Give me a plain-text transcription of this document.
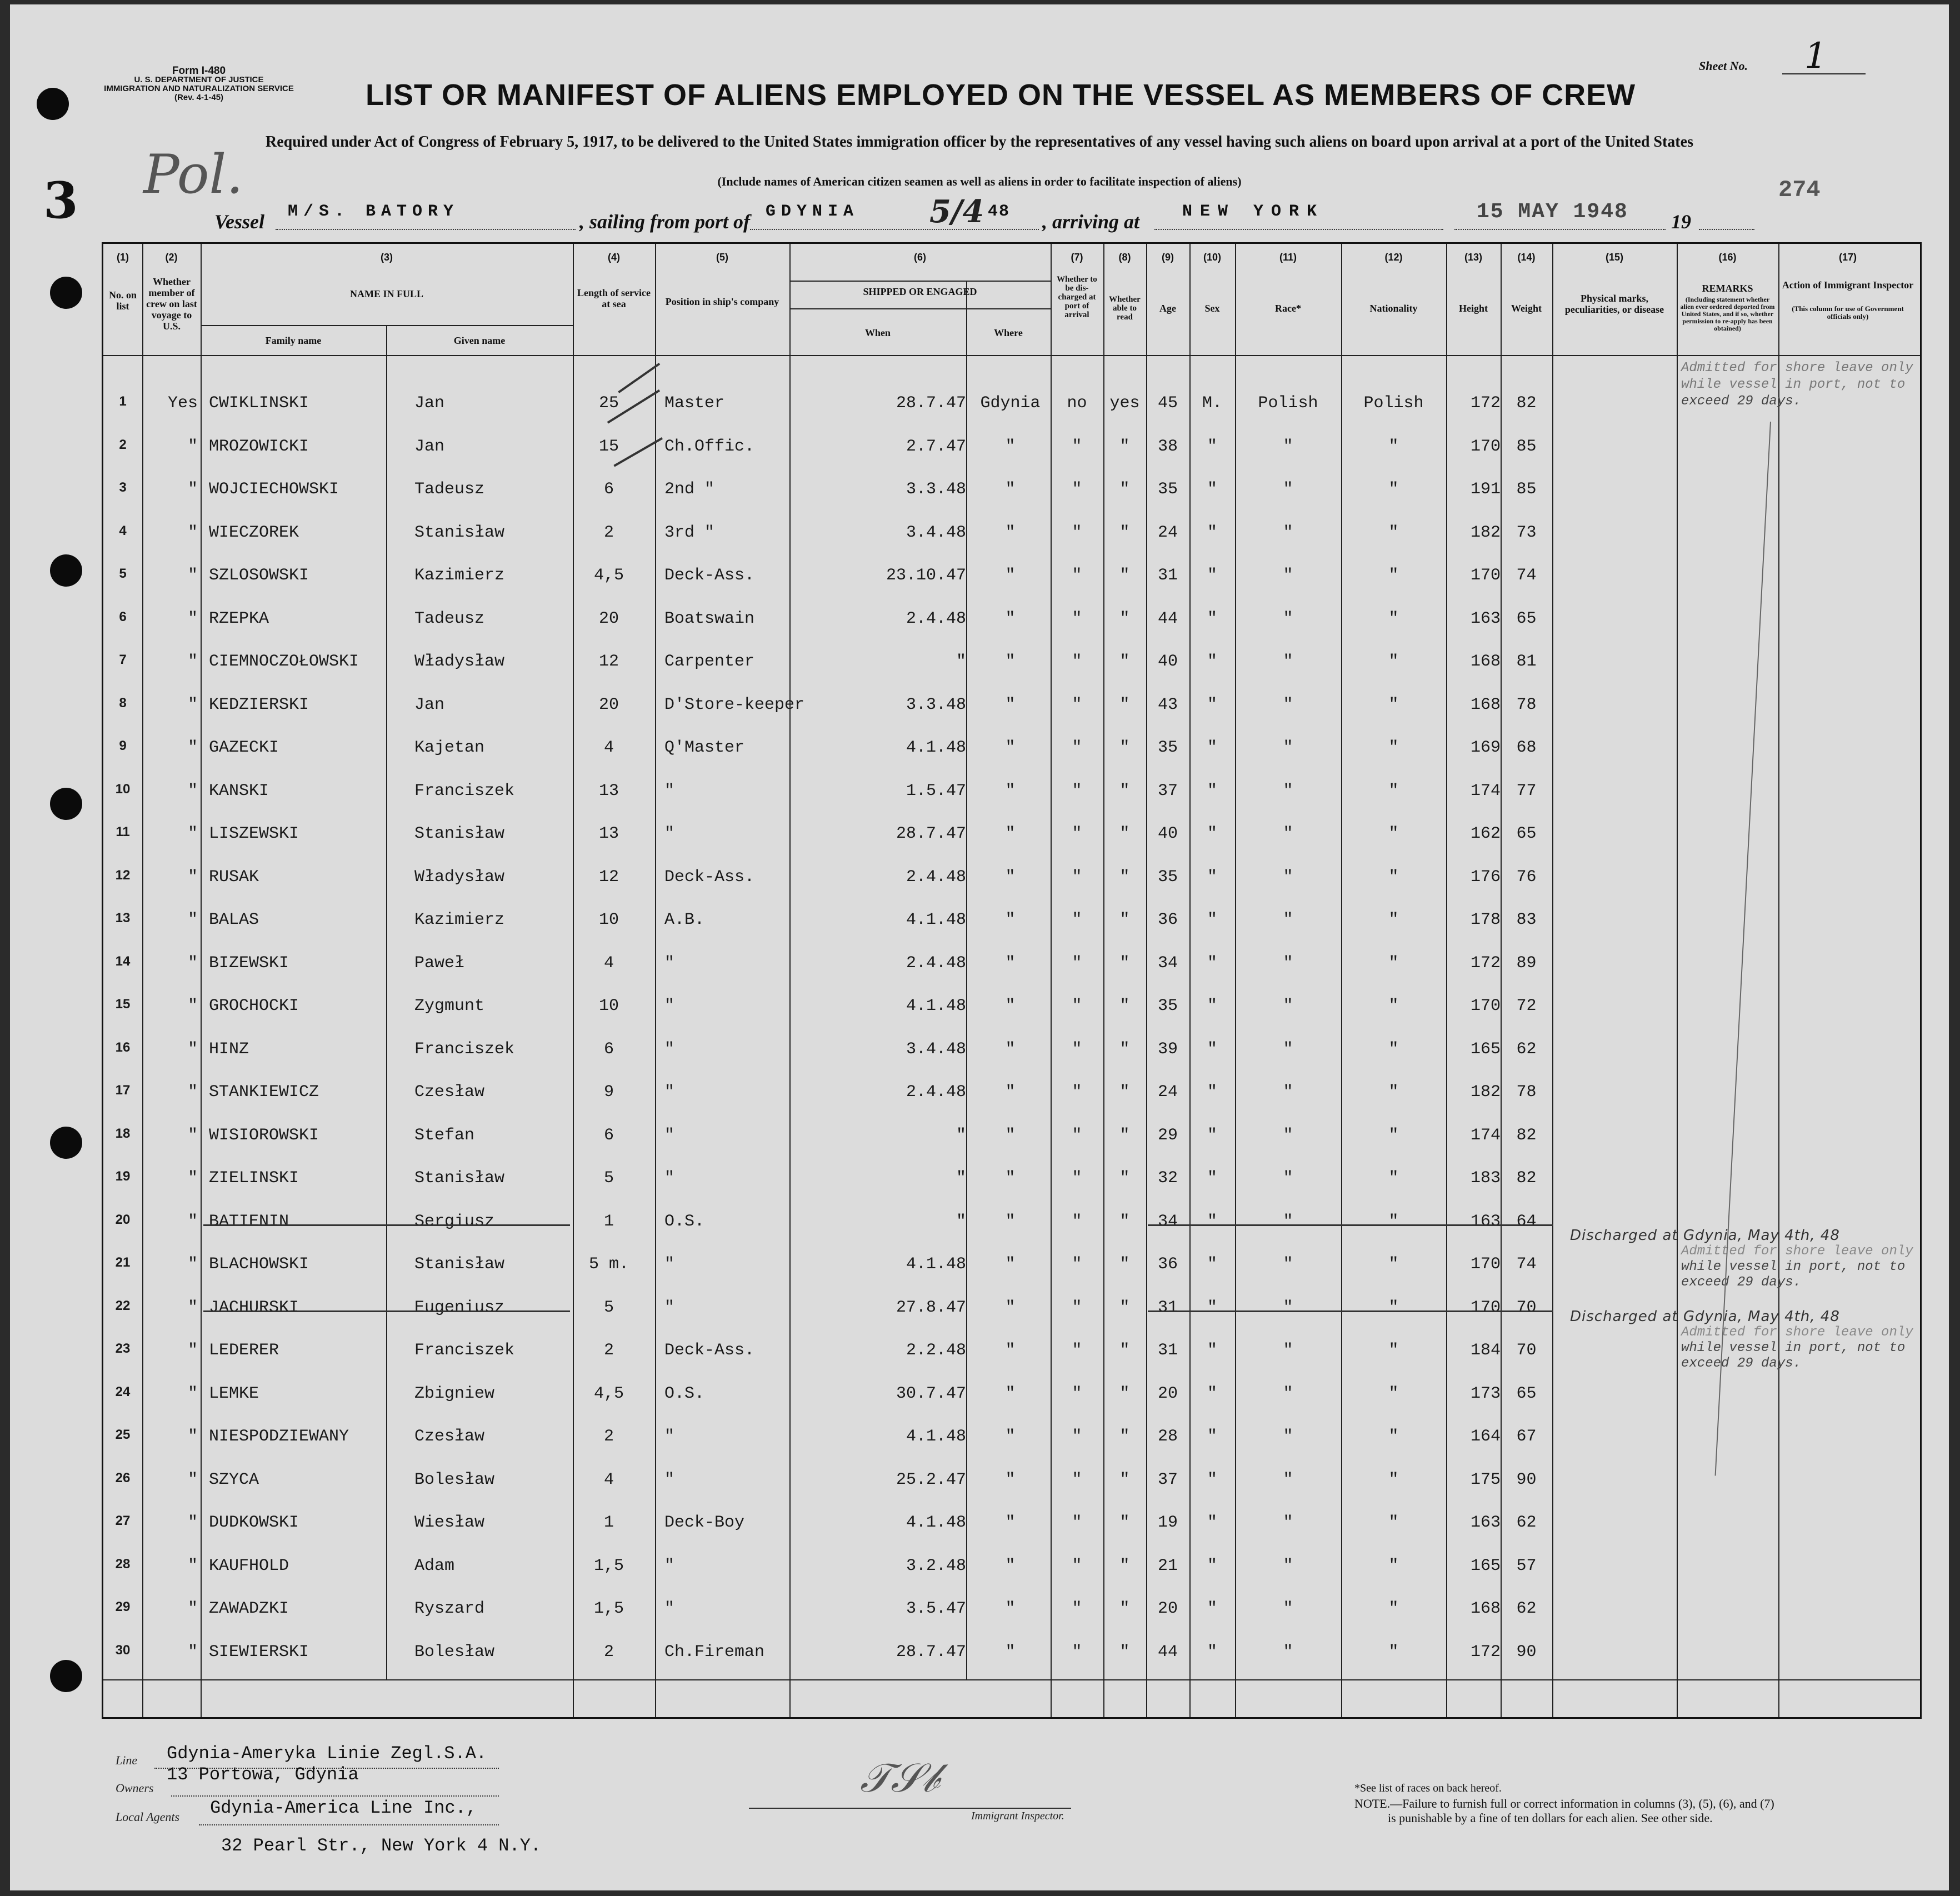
Form I-480
U. S. DEPARTMENT OF JUSTICE
IMMIGRATION AND NATURALIZATION SERVICE
(Rev. 4-1-45)
Sheet No. 1
3 Pol.	274
LIST OR MANIFEST OF ALIENS EMPLOYED ON THE VESSEL AS MEMBERS OF CREW
Required under Act of Congress of February 5, 1917, to be delivered to the United States immigration officer by the representatives of any vessel having such aliens on board upon arrival at a port of the United States
(Include names of American citizen seamen as well as aliens in order to facilitate inspection of aliens)
Vessel M/S. BATORY	, sailing from port of GDYNIA 5/4 48 , arriving at	NEW YORK	15 MAY 1948 19
(1)	(2)	(3)	(4)	(5)	(6)	(7)	(8)	(9)	(10)	(11)	(12)	(13)	(14)	(15)	(16)	(17)
No. on list
Whether member of crew on last voyage to U.S.
NAME IN FULL
Family name	Given name
Length of service at sea	Position in ship's company
SHIPPED OR ENGAGED
When	Where
Whether to be dis-charged at port of arrival
Whether able to read
Age	Sex	Race*	Nationality	Height	Weight
Physical marks, peculiarities, or disease
REMARKS
(Including statement whether alien ever ordered deported from United States, and if so, whether permission to re-apply has been obtained)
Action of Immigrant Inspector
(This column for use of Government officials only)
1	Yes CWIKLINSKI	Jan	25	Master	28.7.47 Gdynia	no	yes	45	M.	Polish	Polish	172 82
2	" MROZOWICKI	Jan	15	Ch.Offic.	2.7.47	"	"	"	38	"	"	"	170 85
3	" WOJCIECHOWSKI	Tadeusz	6	2nd "	3.3.48	"	"	"	35	"	"	"	191 85
4	" WIECZOREK	Stanisław	2	3rd "	3.4.48	"	"	"	24	"	"	"	182 73
5	" SZLOSOWSKI	Kazimierz	4,5	Deck-Ass.	23.10.47	"	"	"	31	"	"	"	170 74
6	" RZEPKA	Tadeusz	20	Boatswain	2.4.48	"	"	"	44	"	"	"	163 65
7	" CIEMNOCZOŁOWSKI	Władysław	12	Carpenter	"	"	"	"	40	"	"	"	168 81
8	" KEDZIERSKI	Jan	20	D'Store-keeper	3.3.48	"	"	"	43	"	"	"	168 78
9	" GAZECKI	Kajetan	4	Q'Master	4.1.48	"	"	"	35	"	"	"	169 68
10	" KANSKI	Franciszek	13	"	1.5.47	"	"	"	37	"	"	"	174 77
11	" LISZEWSKI	Stanisław	13	"	28.7.47	"	"	"	40	"	"	"	162 65
12	" RUSAK	Władysław	12	Deck-Ass.	2.4.48	"	"	"	35	"	"	"	176 76
13	" BALAS	Kazimierz	10	A.B.	4.1.48	"	"	"	36	"	"	"	178 83
14	" BIZEWSKI	Paweł	4	"	2.4.48	"	"	"	34	"	"	"	172 89
15	" GROCHOCKI	Zygmunt	10	"	4.1.48	"	"	"	35	"	"	"	170 72
16	" HINZ	Franciszek	6	"	3.4.48	"	"	"	39	"	"	"	165 62
17	" STANKIEWICZ	Czesław	9	"	2.4.48	"	"	"	24	"	"	"	182 78
18	" WISIOROWSKI	Stefan	6	"	"	"	"	"	29	"	"	"	174 82
19	" ZIELINSKI	Stanisław	5	"	"	"	"	"	32	"	"	"	183 82
20	" BATIENIN	Sergiusz	1	O.S.	"	"	"	"	34	"	"	"	163 64
21	" BLACHOWSKI	Stanisław	5 m.	"	4.1.48	"	"	"	36	"	"	"	170 74
22	" JACHURSKI	Eugeniusz	5	"	27.8.47	"	"	"	31	"	"	"	170 70
23	" LEDERER	Franciszek	2	Deck-Ass.	2.2.48	"	"	"	31	"	"	"	184 70
24	" LEMKE	Zbigniew	4,5	O.S.	30.7.47	"	"	"	20	"	"	"	173 65
25	" NIESPODZIEWANY	Czesław	2	"	4.1.48	"	"	"	28	"	"	"	164 67
26	" SZYCA	Bolesław	4	"	25.2.47	"	"	"	37	"	"	"	175 90
27	" DUDKOWSKI	Wiesław	1	Deck-Boy	4.1.48	"	"	"	19	"	"	"	163 62
28	" KAUFHOLD	Adam	1,5	"	3.2.48	"	"	"	21	"	"	"	165 57
29	" ZAWADZKI	Ryszard	1,5	"	3.5.47	"	"	"	20	"	"	"	168 62
30	" SIEWIERSKI	Bolesław	2	Ch.Fireman	28.7.47	"	"	"	44	"	"	"	172 90
Admitted for shore leave only
while vessel in port, not to
exceed 29 days.
Discharged at Gdynia, May 4th, 48
Admitted for shore leave only
while vessel in port, not to
exceed 29 days.
Discharged at Gdynia, May 4th, 48
Admitted for shore leave only
while vessel in port, not to
exceed 29 days.
Line Gdynia-Ameryka Linie Zegl.S.A.
13 Portowa, Gdynia
Owners
Local Agents Gdynia-America Line Inc.,
32 Pearl Str., New York 4 N.Y.
𝒯𝒮𝒷
Immigrant Inspector.
*See list of races on back hereof.
NOTE.—Failure to furnish full or correct information in columns (3), (5), (6), and (7)
is punishable by a fine of ten dollars for each alien. See other side.
